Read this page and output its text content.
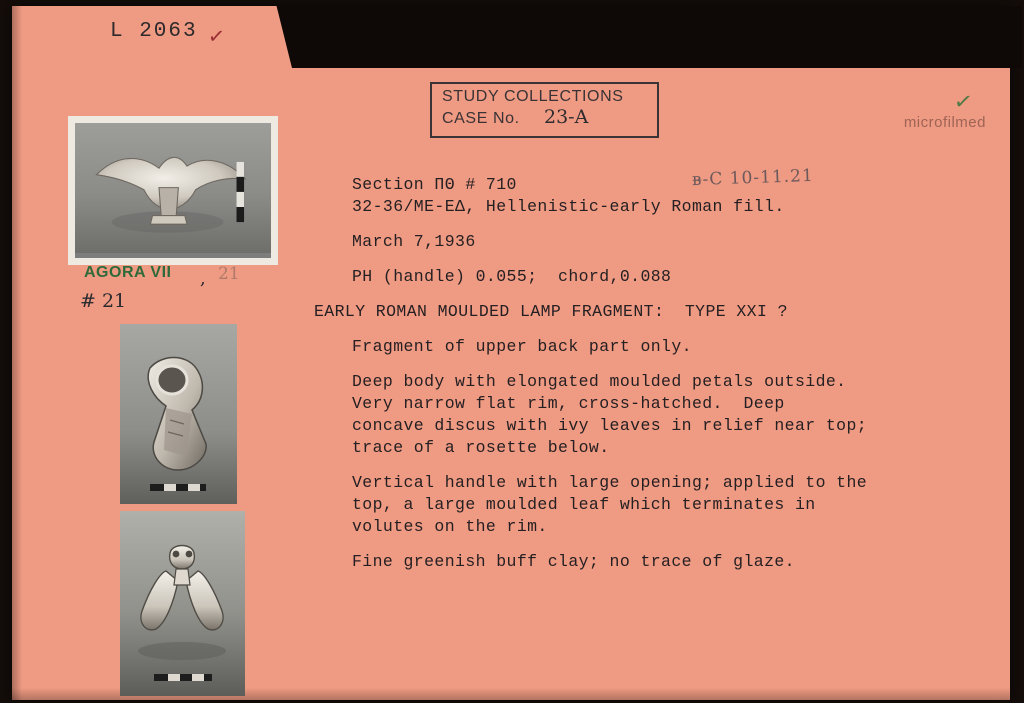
L 2063 ✓
STUDY COLLECTIONS
CASE No. 23-A
✓
microfilmed
ᴃ-C 10-11.21
AGORA VII , 21
# 21
Section ΠΘ # 710
32-36/ME-EΔ, Hellenistic-early Roman fill.
March 7,1936
PH (handle) 0.055;  chord,0.088
EARLY ROMAN MOULDED LAMP FRAGMENT:  TYPE XXI ?
Fragment of upper back part only.
Deep body with elongated moulded petals outside.
Very narrow flat rim, cross-hatched.  Deep
concave discus with ivy leaves in relief near top;
trace of a rosette below.
Vertical handle with large opening; applied to the
top, a large moulded leaf which terminates in
volutes on the rim.
Fine greenish buff clay; no trace of glaze.
